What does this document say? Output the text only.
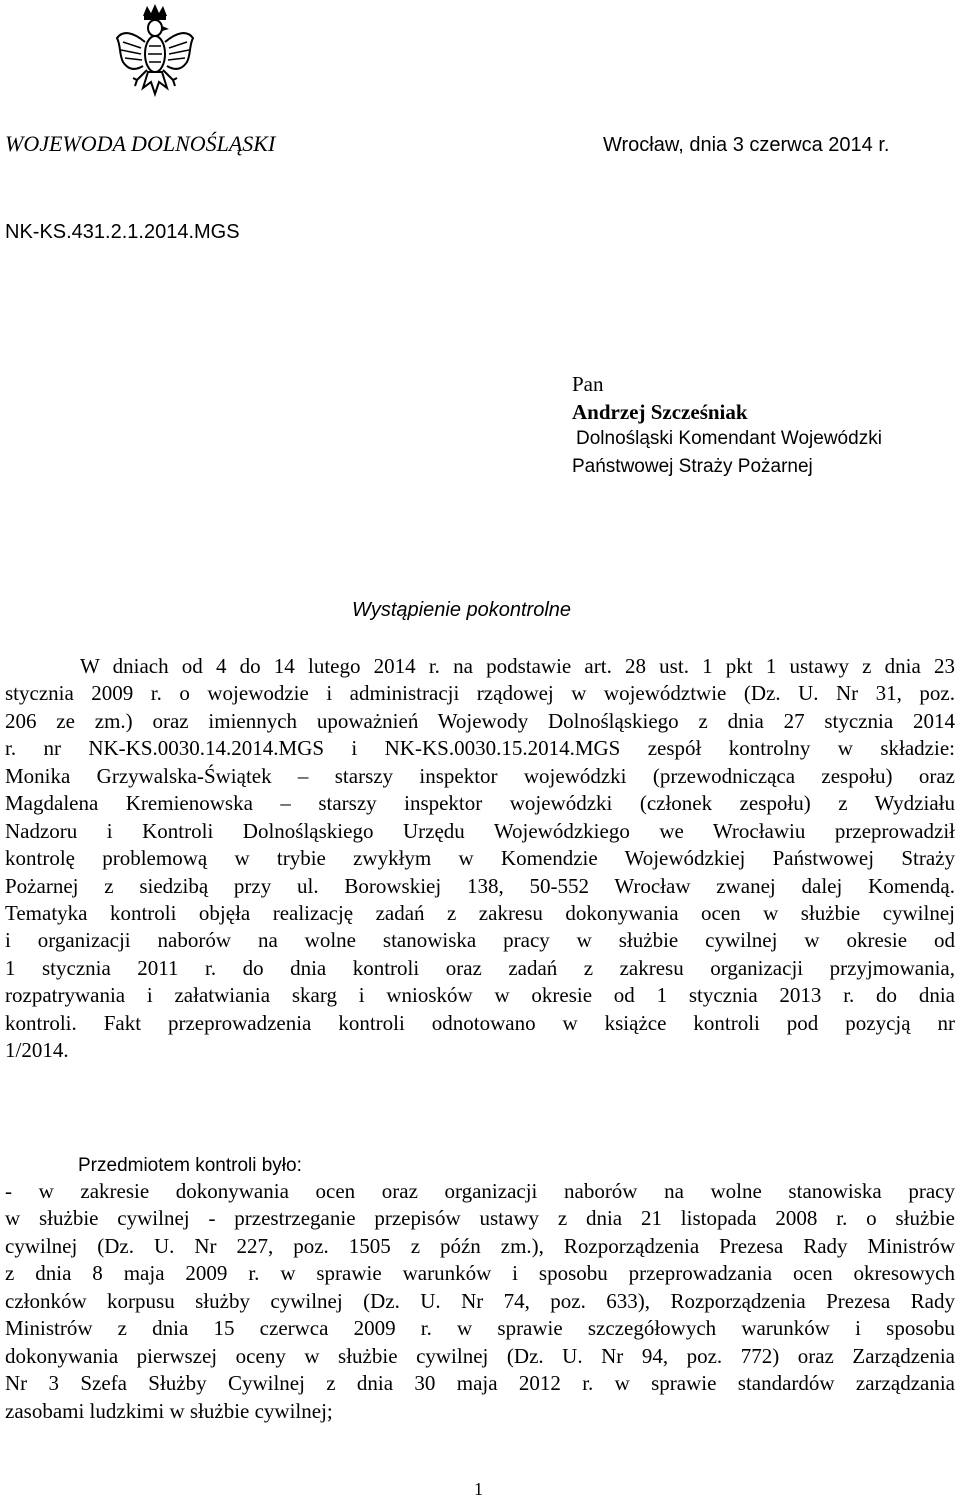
WOJEWODA DOLNOŚLĄSKI	Wrocław, dnia 3 czerwca 2014 r.
NK-KS.431.2.1.2014.MGS
Pan
Andrzej Szcześniak
Dolnośląski Komendant Wojewódzki
Państwowej Straży Pożarnej
Wystąpienie pokontrolne
W dniach od 4 do 14 lutego 2014 r. na podstawie art. 28 ust. 1 pkt 1 ustawy z dnia 23
stycznia 2009 r. o wojewodzie i administracji rządowej w województwie (Dz. U. Nr 31, poz.
206 ze zm.) oraz imiennych upoważnień Wojewody Dolnośląskiego z dnia 27 stycznia 2014
r. nr NK-KS.0030.14.2014.MGS i NK-KS.0030.15.2014.MGS zespół kontrolny w składzie:
Monika Grzywalska-Świątek – starszy inspektor wojewódzki (przewodnicząca zespołu) oraz
Magdalena Kremienowska – starszy inspektor wojewódzki (członek zespołu) z Wydziału
Nadzoru i Kontroli Dolnośląskiego Urzędu Wojewódzkiego we Wrocławiu przeprowadził
kontrolę problemową w trybie zwykłym w Komendzie Wojewódzkiej Państwowej Straży
Pożarnej z siedzibą przy ul. Borowskiej 138, 50-552 Wrocław zwanej dalej Komendą.
Tematyka kontroli objęła realizację zadań z zakresu dokonywania ocen w służbie cywilnej
i organizacji naborów na wolne stanowiska pracy w służbie cywilnej w okresie od
1 stycznia 2011 r. do dnia kontroli oraz zadań z zakresu organizacji przyjmowania,
rozpatrywania i załatwiania skarg i wniosków w okresie od 1 stycznia 2013 r. do dnia
kontroli. Fakt przeprowadzenia kontroli odnotowano w książce kontroli pod pozycją nr
1/2014.
Przedmiotem kontroli było:
- w zakresie dokonywania ocen oraz organizacji naborów na wolne stanowiska pracy
w służbie cywilnej - przestrzeganie przepisów ustawy z dnia 21 listopada 2008 r. o służbie
cywilnej (Dz. U. Nr 227, poz. 1505 z późn zm.), Rozporządzenia Prezesa Rady Ministrów
z dnia 8 maja 2009 r. w sprawie warunków i sposobu przeprowadzania ocen okresowych
członków korpusu służby cywilnej (Dz. U. Nr 74, poz. 633), Rozporządzenia Prezesa Rady
Ministrów z dnia 15 czerwca 2009 r. w sprawie szczegółowych warunków i sposobu
dokonywania pierwszej oceny w służbie cywilnej (Dz. U. Nr 94, poz. 772) oraz Zarządzenia
Nr 3 Szefa Służby Cywilnej z dnia 30 maja 2012 r. w sprawie standardów zarządzania
zasobami ludzkimi w służbie cywilnej;
1
